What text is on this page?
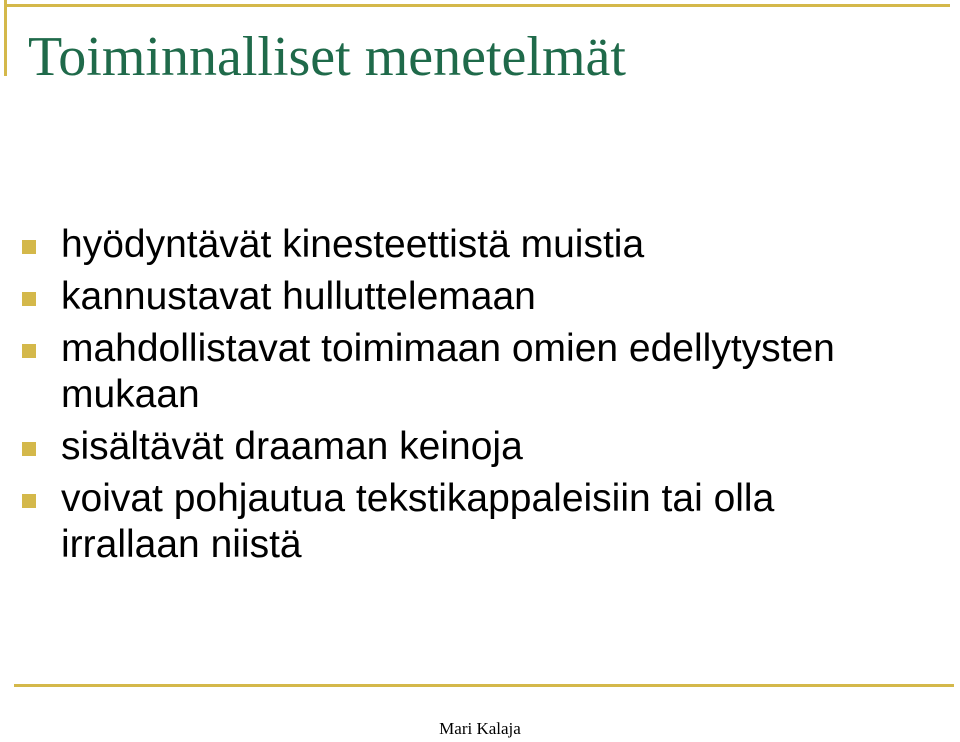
Toiminnalliset menetelmät
hyödyntävät kinesteettistä muistia
kannustavat hulluttelemaan
mahdollistavat toimimaan omien edellytysten mukaan
sisältävät draaman keinoja
voivat pohjautua tekstikappaleisiin tai olla irrallaan niistä
Mari Kalaja
